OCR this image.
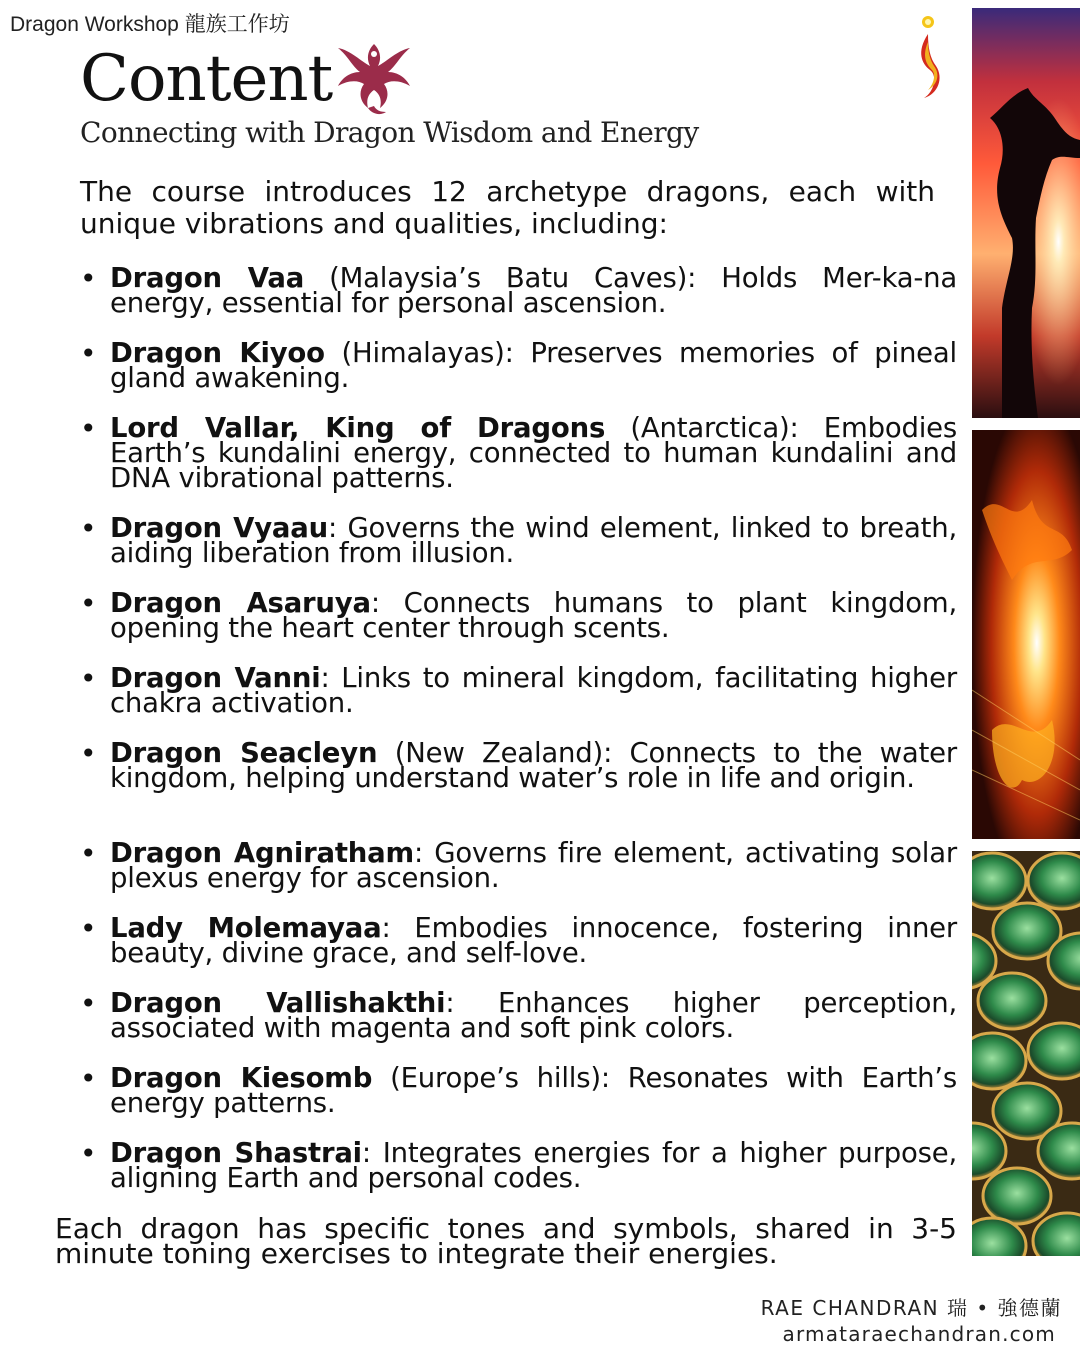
Dragon Workshop 龍族工作坊
Content
Connecting with Dragon Wisdom and Energy

The course introduces 12 archetype dragons, each with unique vibrations and qualities, including:

• Dragon Vaa (Malaysia’s Batu Caves): Holds Mer-ka-na energy, essential for personal ascension.
• Dragon Kiyoo (Himalayas): Preserves memories of pineal gland awakening.
• Lord Vallar, King of Dragons (Antarctica): Embodies Earth’s kundalini energy, connected to human kundalini and DNA vibrational patterns.
• Dragon Vyaau: Governs the wind element, linked to breath, aiding liberation from illusion.
• Dragon Asaruya: Connects humans to plant kingdom, opening the heart center through scents.
• Dragon Vanni: Links to mineral kingdom, facilitating higher chakra activation.
• Dragon Seacleyn (New Zealand): Connects to the water kingdom, helping understand water’s role in life and origin.
• Dragon Agniratham: Governs fire element, activating solar plexus energy for ascension.
• Lady Molemayaa: Embodies innocence, fostering inner beauty, divine grace, and self-love.
• Dragon Vallishakthi: Enhances higher perception, associated with magenta and soft pink colors.
• Dragon Kiesomb (Europe’s hills): Resonates with Earth’s energy patterns.
• Dragon Shastrai: Integrates energies for a higher purpose, aligning Earth and personal codes.

Each dragon has specific tones and symbols, shared in 3-5 minute toning exercises to integrate their energies.

RAE CHANDRAN 瑞 • 強德蘭
armataraechandran.com
